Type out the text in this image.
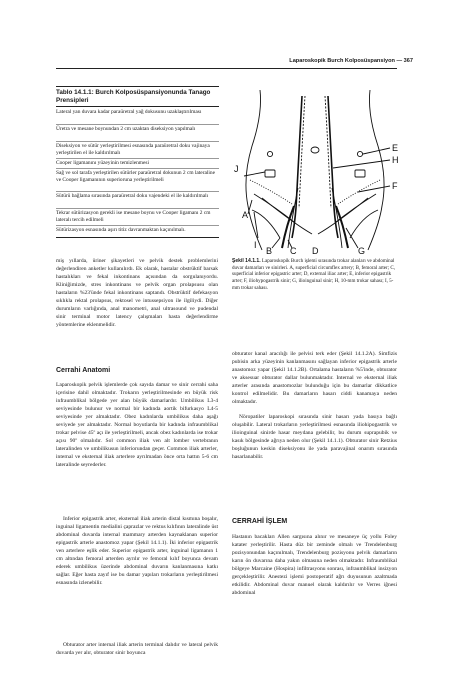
Laparoskopik Burch Kolposüspansiyon — 367
Tablo 14.1.1: Burch Kolposüspansiyonunda Tanago Prensipleri
Lateral yan duvara kadar paraüretral yağ dokusunu uzaklaştırılması
Üretra ve mesane boynundan 2 cm uzaktan diseksiyon yapılmalı
Diseksiyon ve sütür yerleştirilmesi esnasında paraüretral doku vajinaya yerleştirilen el ile kaldırılmalı
Cooper ligamanını yüzeyinin temizlenmesi
Sağ ve sol tarafa yerleştirilen sütürler paraüretral dokunun 2 cm lateraline ve Cooper ligamanının superioruna yerleştirilmeli
Sütürü bağlama sırasında paraüretral doku vajendeki el ile kaldırılmalı
Tekrar sütürizasyon gerekli ise mesane boynu ve Cooper ligamanı 2 cm lateralı tercih edilmeli
Sütürizasyon esnasında aşırı titiz davranmaktan kaçınılmalı.
miş yıllarda, üriner şikayetleri ve pelvik destek problemlerini değerlendiren anketler kullanılırdı. Ek olarak, hastalar obstrüktif barsak hastalıkları ve fekal inkontinans açısından da sorgulanıyordu. Kliniğimizde, stres inkontinans ve pelvik organ prolapsusu olan hastaların %23'ünde fekal inkontinans saptandı. Obstrüktif defekasyon sıklıkla rektal prolapsus, rektosel ve intussepsiyon ile ilgiliydi. Diğer durumların varlığında, anal manometri, anal ultrasound ve pudendal sinir terminal motor latency çalışmaları hasta değerlendirme yöntemlerine eklenmelidir.
Cerrahi Anatomi
Laparoskopik pelvik işlemlerde çok sayıda damar ve sinir cerrahi saha içerisine dahil olmaktadır. Trokarın yerleştirilmesinde en büyük risk infraumblikal bölgede yer alan büyük damarlardır. Umbilikus L3-4 seviyesinde bulunur ve normal bir kadında aortik bifurkasyo L4-5 seviyesinde yer almaktadır. Obez kadınlarda umbilikus daha aşağı seviyede yer almaktadır. Normal boyutlarda bir kadında infraumblikal trokar pelvise 45º açı ile yerleştirilmeli, ancak obez kadınlarda ise trokar açısı 90º olmalıdır. Sol common iliak ven alt lomber vertebranın lateralinden ve umbilikusun inferiorundan geçer. Common iliak arterler, internal ve eksternal iliak arterlere ayrılmadan önce orta hattın 5-6 cm lateralinde seyrederler.
Inferior epigastrik arter, eksternal iliak arterin distal kısmına boşalır, inguinal ligamentin medialini çaprazlar ve rektus kılıfının lateralinde üst abdominal duvarda internal mammary arterden kaynaklanan superior epigastrik arterle anastomoz yapar (Şekil 14.1.1). İki inferior epigastrik ven arterlere eşlik eder. Superior epigastrik arter, inguinal ligamanın 1 cm altından femoral arterden ayrılır ve femoral kılıf boyunca devam ederek umbilikus üzerinde abdominal duvarın kanlanmasına katkı sağlar. Eğer hasta zayıf ise bu damar yapıları trokarların yerleştirilmesi esnasında izlenebilir.
Obturator arter internal iliak arterin terminal dalıdır ve lateral pelvik duvarda yer alır, obturator sinir boyunca
J
E
H
F
A
I
B C D	G
Şekil 14.1.1. Laparoskopik Burch işlemi sırasında trokar alanları ve abdominal duvar damarları ve sinirleri. A, superficial circumflex artery; B, femoral arter; C, superficial inferior epigastric arter; D, external iliac arter; E, inferior epigastrik arter; F, iliohypogastrik sinir; G, ilioinguinal sinir; H, 10-mm trokar sahası; I, 5-mm trokar sahası.
obturator kanal aracılığı ile pelvisi terk eder (Şekil 14.1.2A). Simfizis pubisin arka yüzeyinin kanlanmasını sağlayan inferior epigastrik arterle anastomoz yapar (Şekil 14.1.2B). Ortalama hastaların %5'inde, obturator ve aksesuar obturator dallar bulunmaktadır. Internal ve eksternal iliak arterler arasında anastomozlar bulunduğu için bu damarlar dikkatlice kontrol edilmelidir. Bu damarların hasarı ciddi kanamaya neden olmaktadır.
Nöropatiler laparoskopi sırasında sinir hasarı yada basıya bağlı oluşabilir. Lateral trokarların yerleştirilmesi esnasında iliohipogastrik ve ilioinguinal sinirde hasar meydana gelebilir, bu durum suprapubik ve kasık bölgesinde ağrıya neden olur (Şekil 14.1.1). Obturator sinir Retzius boşluğunun keskin diseksiyonu ile yada paravajinal onarım sırasında hasarlanabilir.
CERRAHİ İŞLEM
Hastanın bacakları Allen sargısına alınır ve mesaneye üç yollu Foley katater yerleştirilir. Hasta düz bir zeminde olmalı ve Trendelenburg pozisyonundan kaçınılmalı, Trendelenburg pozisyonu pelvik damarların karın ön duvarına daha yakın olmasına neden olmaktadır. Infraumblikal bölgeye Marcaine (Hospira) infiltrasyonu sonrası, infraumblikal insizyon gerçekleştirilir. Anestezi işlemi postoperatif ağrı duyusunun azaltmada etkilidir. Abdominal duvar manuel olarak kaldırılır ve Verres iğnesi abdominal
